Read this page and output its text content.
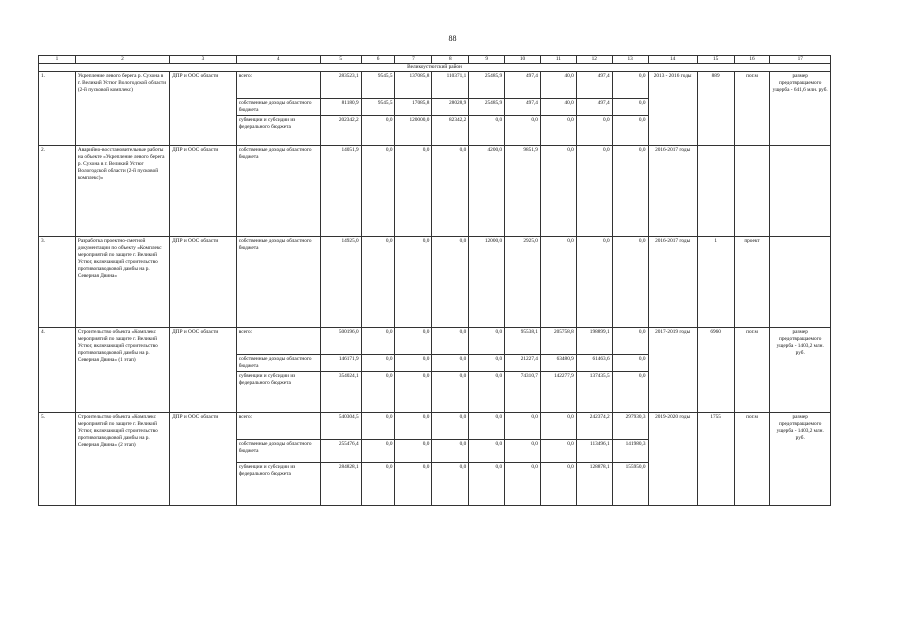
88
1	2	3	4	5	6	7	8	9	10	11	12	13	14	15	16	17
Великоустюгский район																
1.	Укрепление левого берега р. Сухона в г. Великий Устюг Вологодской области (2-й пусковой комплекс)	ДПР и ООС области	всего:	283523,1	9545,5	137085,8	110371,1	25485,9	497,4	40,0	497,4	0,0	2013 - 2016 годы	889	пог.м	размер предотвращаемого ущерба - 641,6 млн. руб.
			собственные доходы областного бюджета	81180,9	9545,5	17085,8	28028,9	25485,9	497,4	40,0	497,4	0,0				
			субвенции и субсидии из федерального бюджета	202342,2	0,0	120000,0	82342,2	0,0	0,0	0,0	0,0	0,0				
2.	Аварийно-восстановительные работы на объекте «Укрепление левого берега р. Сухона в г. Великий Устюг Вологодской области (2-й пусковой комплекс)»	ДПР и ООС области	собственные доходы областного бюджета	14051,9	0,0	0,0	0,0	4200,0	9851,9	0,0	0,0	0,0	2016-2017 годы			
3.	Разработка проектно-сметной документации по объекту «Комплекс мероприятий по защите г. Великий Устюг, включающий строительство противопаводковой дамбы на р. Северная Двина»	ДПР и ООС области	собственные доходы областного бюджета	14925,0	0,0	0,0	0,0	12000,0	2925,0	0,0	0,0	0,0	2016-2017 годы	1	проект	
4.	Строительство объекта «Комплекс мероприятий по защите г. Великий Устюг, включающий строительство противопаводковой дамбы на р. Северная Двина» (1 этап)	ДПР и ООС области	всего:	500196,0	0,0	0,0	0,0	0,0	95538,1	205758,8	198899,1	0,0	2017-2019 годы	6960	пог.м	размер предотвращаемого ущерба - 1403,2 млн. руб.
			собственные доходы областного бюджета	146171,9	0,0	0,0	0,0	0,0	21227,4	63480,9	61463,6	0,0				
			субвенции и субсидии из федерального бюджета	354024,1	0,0	0,0	0,0	0,0	74310,7	142277,9	137435,5	0,0				
5.	Строительство объекта «Комплекс мероприятий по защите г. Великий Устюг, включающий строительство противопаводковой дамбы на р. Северная Двина» (2 этап)	ДПР и ООС области	всего:	540304,5	0,0	0,0	0,0	0,0	0,0	0,0	242374,2	297930,3	2019-2020 годы	1755	пог.м	размер предотвращаемого ущерба - 1403,2 млн. руб.
			собственные доходы областного бюджета	255476,4	0,0	0,0	0,0	0,0	0,0	0,0	113496,1	141980,3				
			субвенции и субсидии из федерального бюджета	284828,1	0,0	0,0	0,0	0,0	0,0	0,0	128878,1	155950,0				
